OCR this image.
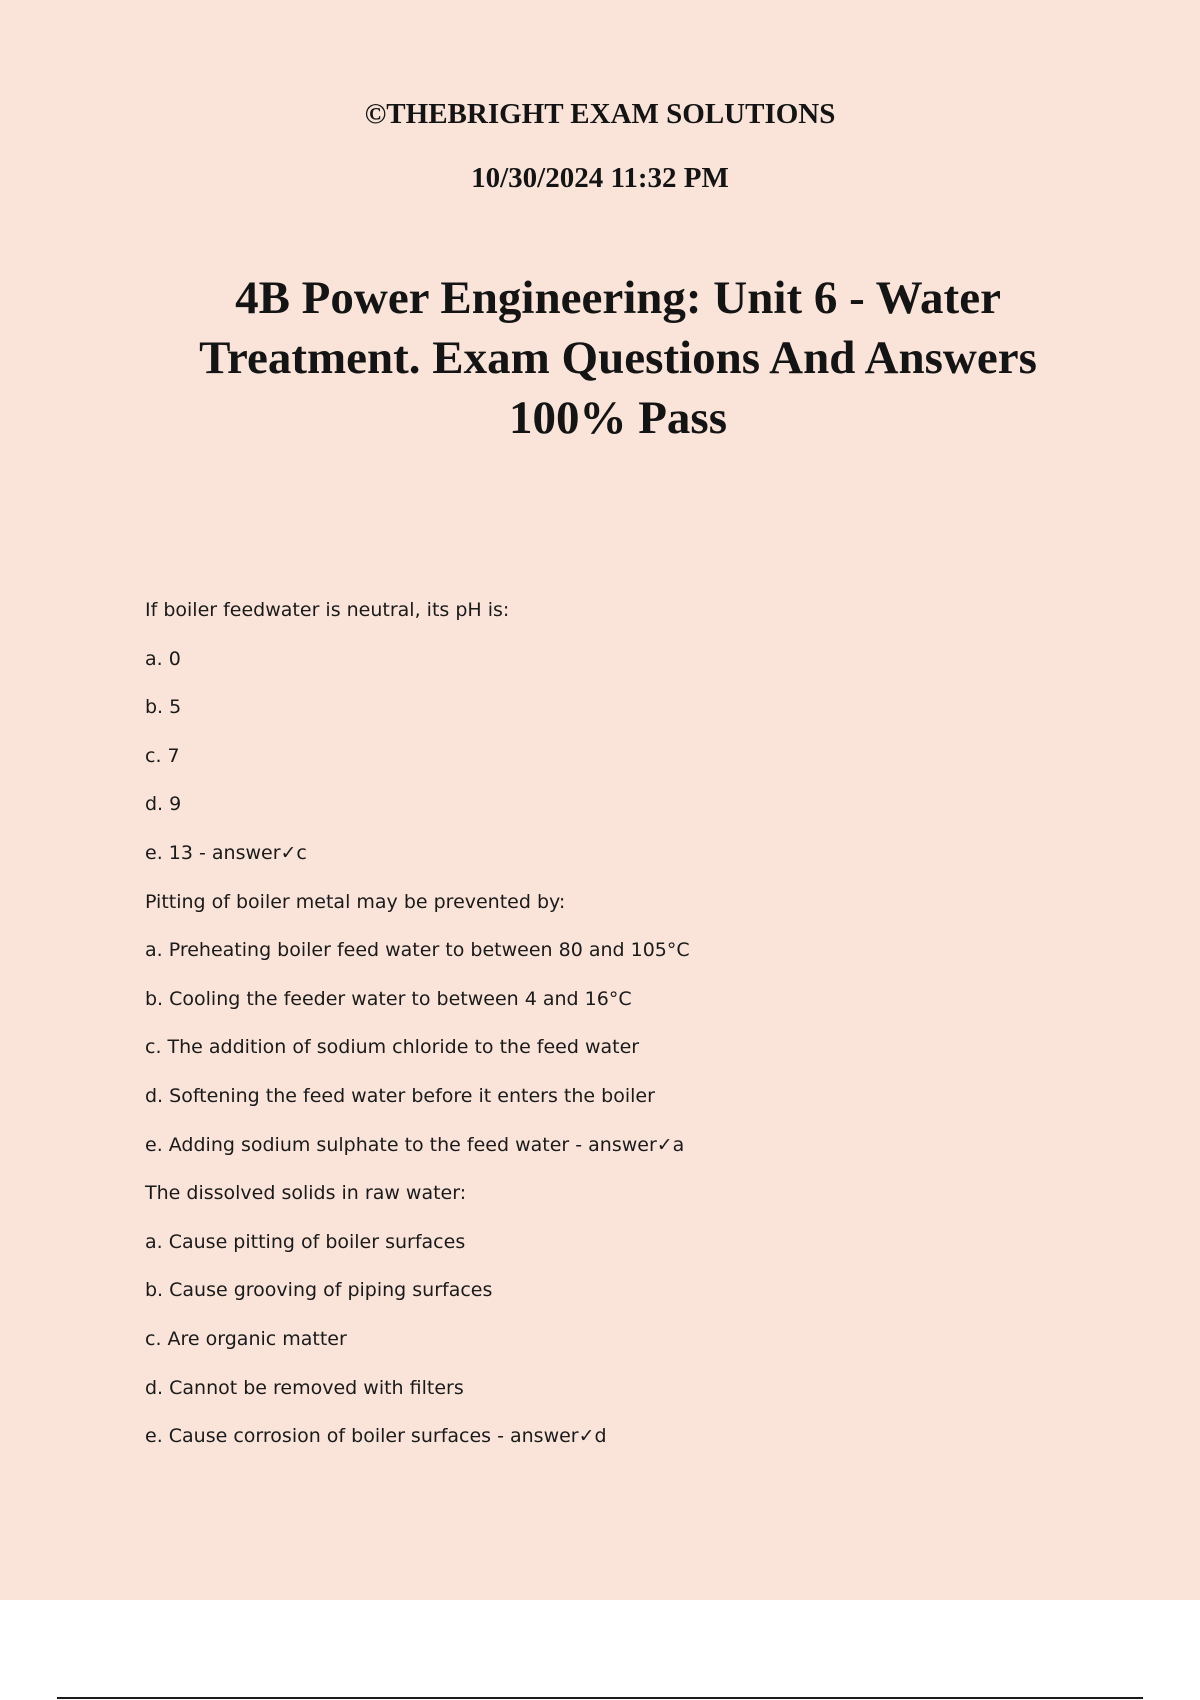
©THEBRIGHT EXAM SOLUTIONS

10/30/2024 11:32 PM

4B Power Engineering: Unit 6 - Water Treatment. Exam Questions And Answers 100% Pass
If boiler feedwater is neutral, its pH is:
a. 0
b. 5
c. 7
d. 9
e. 13 - answer✓c
Pitting of boiler metal may be prevented by:
a. Preheating boiler feed water to between 80 and 105°C
b. Cooling the feeder water to between 4 and 16°C
c. The addition of sodium chloride to the feed water
d. Softening the feed water before it enters the boiler
e. Adding sodium sulphate to the feed water - answer✓a
The dissolved solids in raw water:
a. Cause pitting of boiler surfaces
b. Cause grooving of piping surfaces
c. Are organic matter
d. Cannot be removed with filters
e. Cause corrosion of boiler surfaces - answer✓d
